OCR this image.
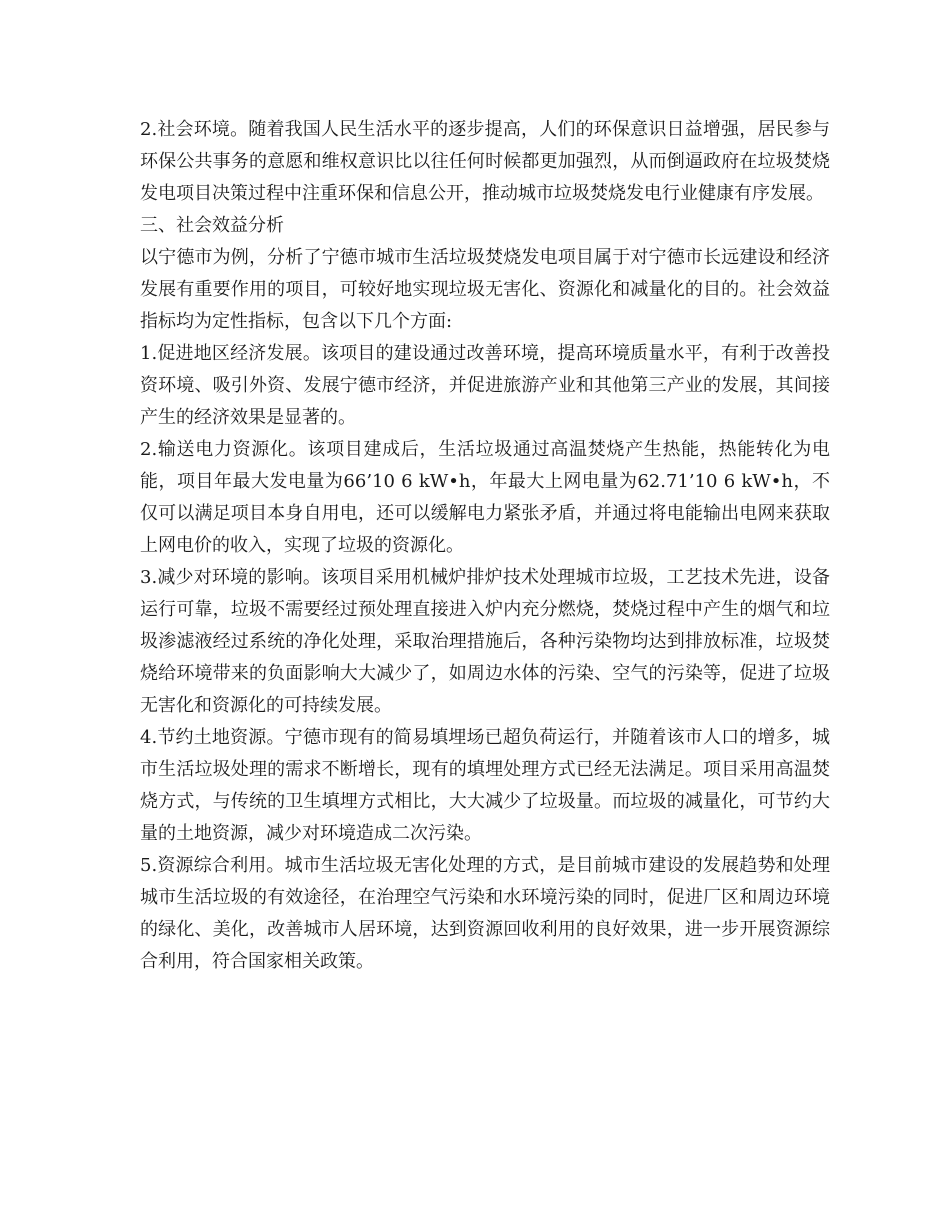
2.社会环境。随着我国人民生活水平的逐步提高，人们的环保意识日益增强，居民参与环保公共事务的意愿和维权意识比以往任何时候都更加强烈，从而倒逼政府在垃圾焚烧发电项目决策过程中注重环保和信息公开，推动城市垃圾焚烧发电行业健康有序发展。

三、社会效益分析

以宁德市为例，分析了宁德市城市生活垃圾焚烧发电项目属于对宁德市长远建设和经济发展有重要作用的项目，可较好地实现垃圾无害化、资源化和减量化的目的。社会效益指标均为定性指标，包含以下几个方面:

1.促进地区经济发展。该项目的建设通过改善环境，提高环境质量水平，有利于改善投资环境、吸引外资、发展宁德市经济，并促进旅游产业和其他第三产业的发展，其间接产生的经济效果是显著的。

2.输送电力资源化。该项目建成后，生活垃圾通过高温焚烧产生热能，热能转化为电能，项目年最大发电量为66’10 6 kW•h，年最大上网电量为62.71’10 6 kW•h，不仅可以满足项目本身自用电，还可以缓解电力紧张矛盾，并通过将电能输出电网来获取上网电价的收入，实现了垃圾的资源化。

3.减少对环境的影响。该项目采用机械炉排炉技术处理城市垃圾，工艺技术先进，设备运行可靠，垃圾不需要经过预处理直接进入炉内充分燃烧，焚烧过程中产生的烟气和垃圾渗滤液经过系统的净化处理，采取治理措施后，各种污染物均达到排放标准，垃圾焚烧给环境带来的负面影响大大减少了，如周边水体的污染、空气的污染等，促进了垃圾无害化和资源化的可持续发展。

4.节约土地资源。宁德市现有的简易填埋场已超负荷运行，并随着该市人口的增多，城市生活垃圾处理的需求不断增长，现有的填埋处理方式已经无法满足。项目采用高温焚烧方式，与传统的卫生填埋方式相比，大大减少了垃圾量。而垃圾的减量化，可节约大量的土地资源，减少对环境造成二次污染。

5.资源综合利用。城市生活垃圾无害化处理的方式，是目前城市建设的发展趋势和处理城市生活垃圾的有效途径，在治理空气污染和水环境污染的同时，促进厂区和周边环境的绿化、美化，改善城市人居环境，达到资源回收利用的良好效果，进一步开展资源综合利用，符合国家相关政策。
